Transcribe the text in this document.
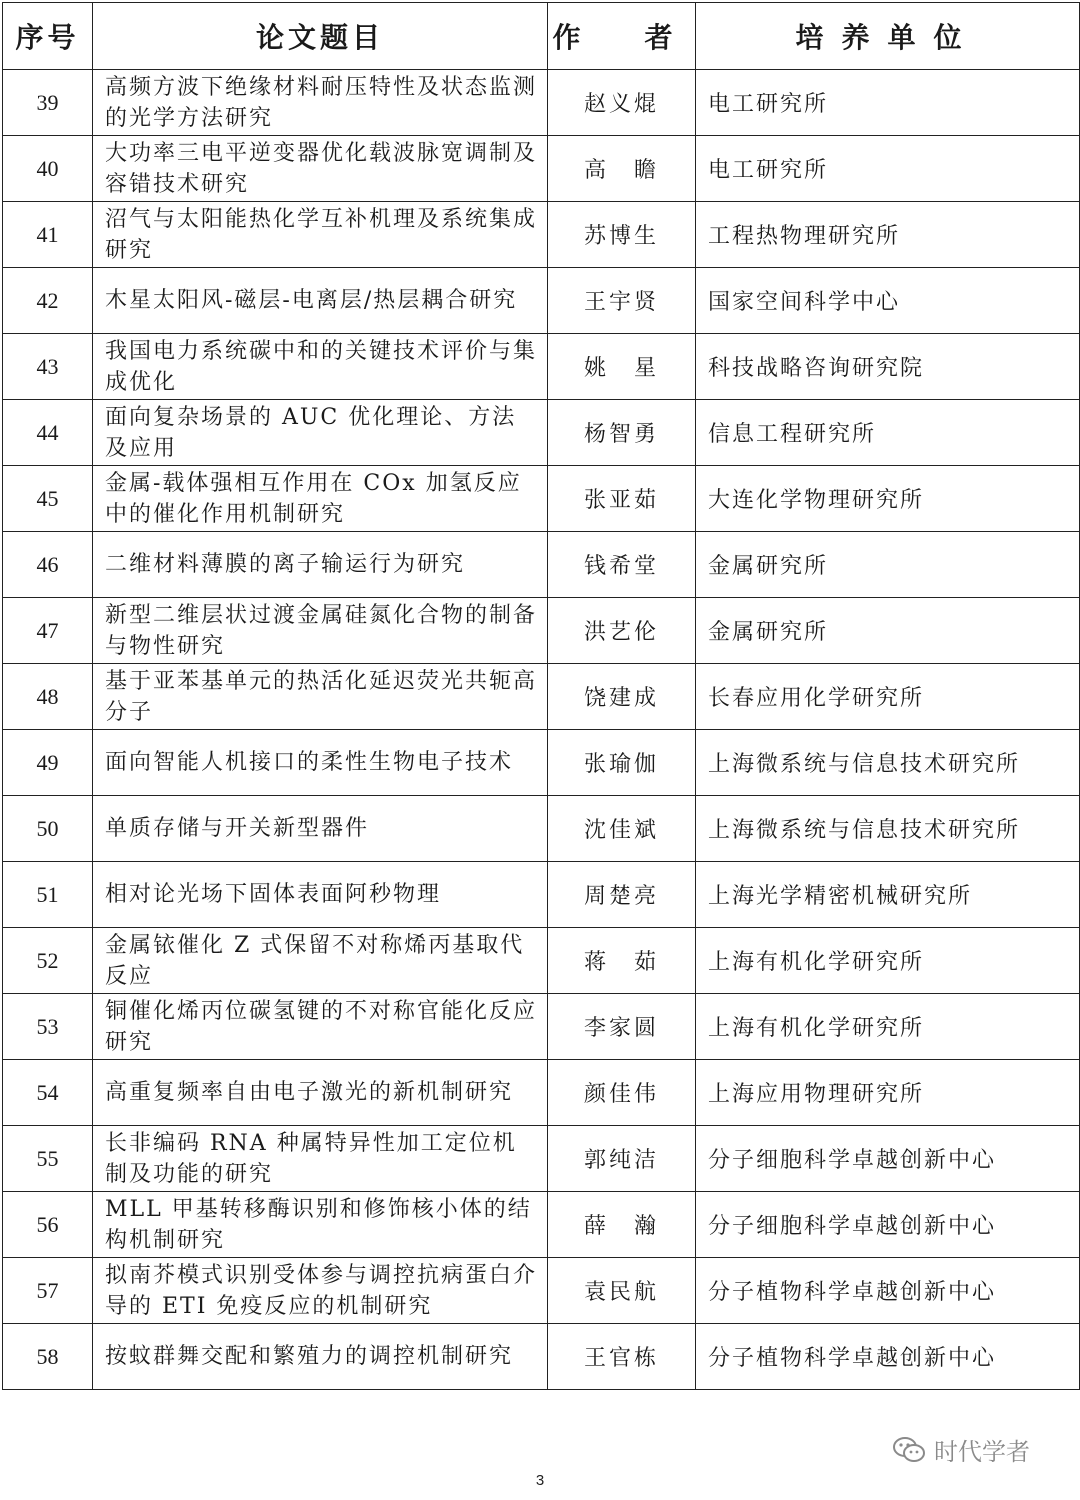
序号	论文题目	作　者	培养单位
39	高频方波下绝缘材料耐压特性及状态监测的光学方法研究	赵义焜	电工研究所
40	大功率三电平逆变器优化载波脉宽调制及容错技术研究	高　瞻	电工研究所
41	沼气与太阳能热化学互补机理及系统集成研究	苏博生	工程热物理研究所
42	木星太阳风-磁层-电离层/热层耦合研究	王宇贤	国家空间科学中心
43	我国电力系统碳中和的关键技术评价与集成优化	姚　星	科技战略咨询研究院
44	面向复杂场景的 AUC 优化理论、方法及应用	杨智勇	信息工程研究所
45	金属-载体强相互作用在 COx 加氢反应中的催化作用机制研究	张亚茹	大连化学物理研究所
46	二维材料薄膜的离子输运行为研究	钱希堂	金属研究所
47	新型二维层状过渡金属硅氮化合物的制备与物性研究	洪艺伦	金属研究所
48	基于亚苯基单元的热活化延迟荧光共轭高分子	饶建成	长春应用化学研究所
49	面向智能人机接口的柔性生物电子技术	张瑜伽	上海微系统与信息技术研究所
50	单质存储与开关新型器件	沈佳斌	上海微系统与信息技术研究所
51	相对论光场下固体表面阿秒物理	周楚亮	上海光学精密机械研究所
52	金属铱催化 Z 式保留不对称烯丙基取代反应	蒋　茹	上海有机化学研究所
53	铜催化烯丙位碳氢键的不对称官能化反应研究	李家圆	上海有机化学研究所
54	高重复频率自由电子激光的新机制研究	颜佳伟	上海应用物理研究所
55	长非编码 RNA 种属特异性加工定位机制及功能的研究	郭纯洁	分子细胞科学卓越创新中心
56	MLL 甲基转移酶识别和修饰核小体的结构机制研究	薛　瀚	分子细胞科学卓越创新中心
57	拟南芥模式识别受体参与调控抗病蛋白介导的 ETI 免疫反应的机制研究	袁民航	分子植物科学卓越创新中心
58	按蚊群舞交配和繁殖力的调控机制研究	王官栋	分子植物科学卓越创新中心
时代学者
3
